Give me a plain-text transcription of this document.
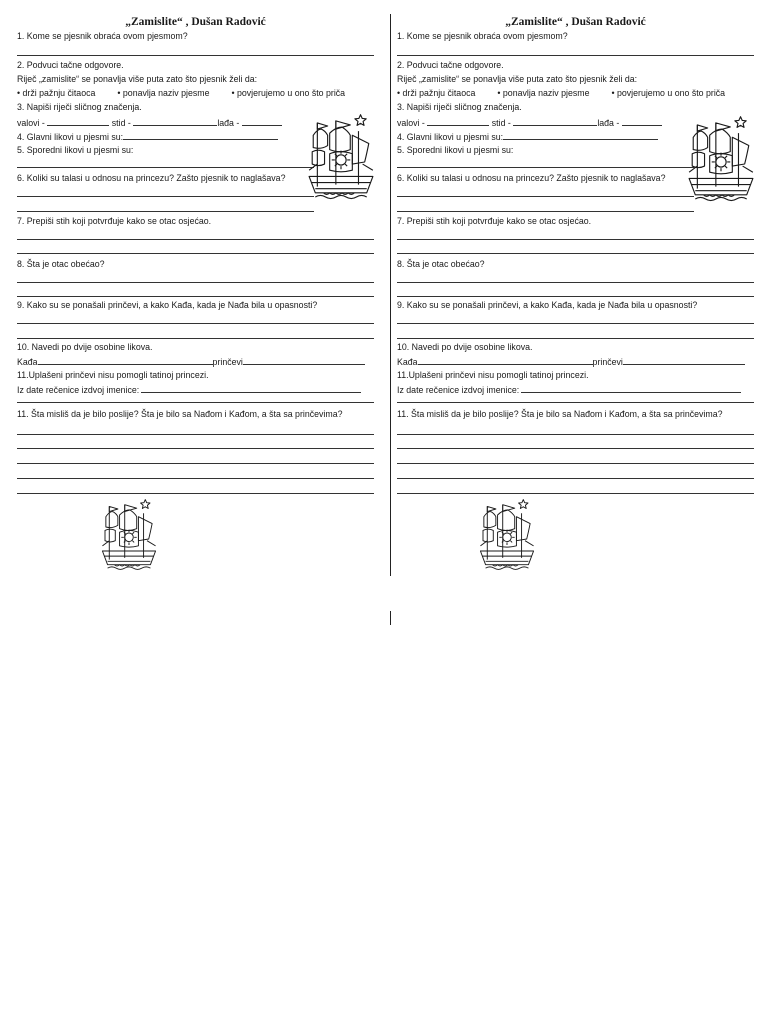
„Zamislite“ , Dušan Radović
1. Kome se pjesnik obraća ovom pjesmom?
2. Podvuci tačne odgovore.
Riječ „zamislite“ se ponavlja više puta zato što pjesnik želi da:
• drži pažnju čitaoca	• ponavlja naziv pjesme	• povjerujemo u ono što priča
3. Napiši riječi sličnog značenja.
valovi -	stid -	lađa -
4. Glavni likovi u pjesmi su:
5. Sporedni likovi u pjesmi su:
6. Koliki su talasi u odnosu na princezu? Zašto pjesnik to naglašava?
7. Prepiši stih koji potvrđuje kako se otac osjećao.
8. Šta je otac obećao?
9. Kako su se ponašali prinčevi, a kako Kađa, kada je Nađa bila u opasnosti?
10. Navedi po dvije osobine likova.
Kađa	prinčevi
11.Uplašeni prinčevi nisu pomogli tatinoj princezi.
Iz date rečenice izdvoj imenice:
11. Šta misliš da je bilo poslije? Šta je bilo sa Nađom i Kađom, a šta sa prinčevima?
„Zamislite“ , Dušan Radović
1. Kome se pjesnik obraća ovom pjesmom?
2. Podvuci tačne odgovore.
Riječ „zamislite“ se ponavlja više puta zato što pjesnik želi da:
• drži pažnju čitaoca	• ponavlja naziv pjesme	• povjerujemo u ono što priča
3. Napiši riječi sličnog značenja.
valovi -	stid -	lađa -
4. Glavni likovi u pjesmi su:
5. Sporedni likovi u pjesmi su:
6. Koliki su talasi u odnosu na princezu? Zašto pjesnik to naglašava?
7. Prepiši stih koji potvrđuje kako se otac osjećao.
8. Šta je otac obećao?
9. Kako su se ponašali prinčevi, a kako Kađa, kada je Nađa bila u opasnosti?
10. Navedi po dvije osobine likova.
Kađa	prinčevi
11.Uplašeni prinčevi nisu pomogli tatinoj princezi.
Iz date rečenice izdvoj imenice:
11. Šta misliš da je bilo poslije? Šta je bilo sa Nađom i Kađom, a šta sa prinčevima?
